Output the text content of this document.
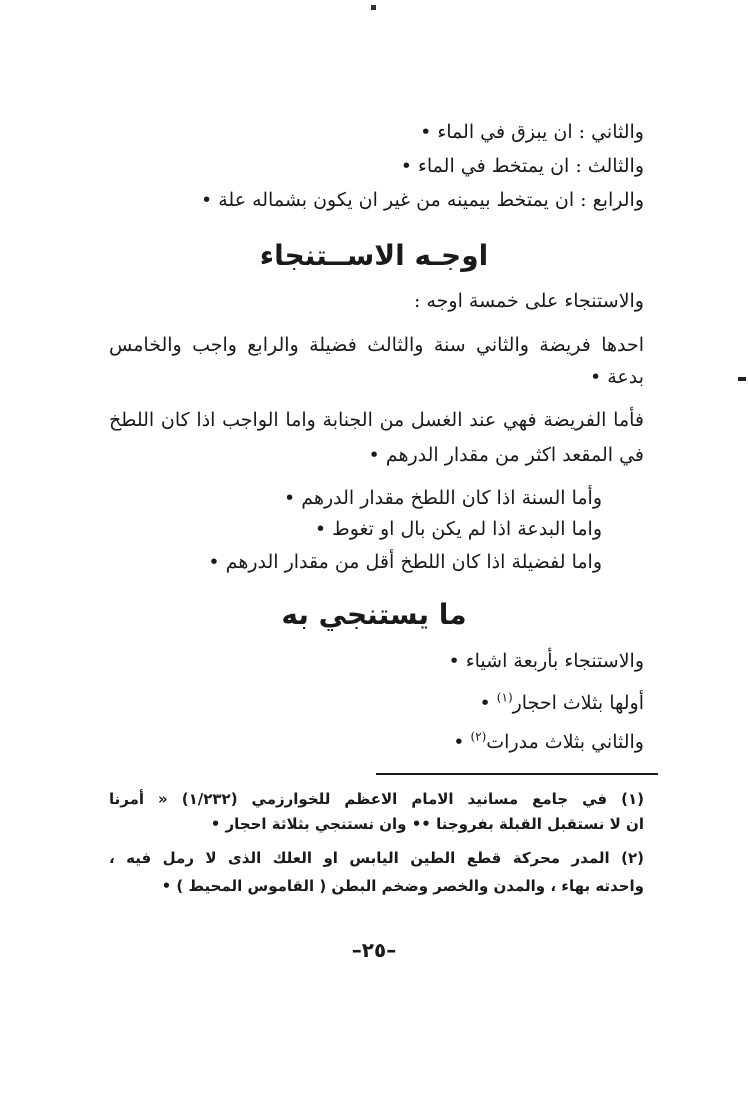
والثاني : ان يبزق في الماء •
والثالث : ان يمتخط في الماء •
والرابع : ان يمتخط بيمينه من غير ان يكون بشماله علة •
اوجـه الاســتنجاء
والاستنجاء على خمسة اوجه :
احدها فريضة والثاني سنة والثالث فضيلة والرابع واجب والخامس
بدعة •
فأما الفريضة فهي عند الغسل من الجنابة واما الواجب اذا كان اللطخ
في المقعد اكثر من مقدار الدرهم •
وأما السنة اذا كان اللطخ مقدار الدرهم •
واما البدعة اذا لم يكن بال او تغوط •
واما لفضيلة اذا كان اللطخ أقل من مقدار الدرهم •
ما يستنجي به
والاستنجاء بأربعة اشياء •
أولها بثلاث احجار$^{(١)}$ •
والثاني بثلاث مدرات$^{(٢)}$ •
(١) في جامع مسانيد الامام الاعظم للخوارزمي (١/٢٣٢) « أمرنا
ان لا نستقبل القبلة بفروجنا •• وان نستنجي بثلاثة احجار •
(٢) المدر محركة قطع الطين اليابس او العلك الذى لا رمل فيه ،
واحدته بهاء ، والمدن والخصر وضخم البطن ( القاموس المحيط ) •
–٢٥–
